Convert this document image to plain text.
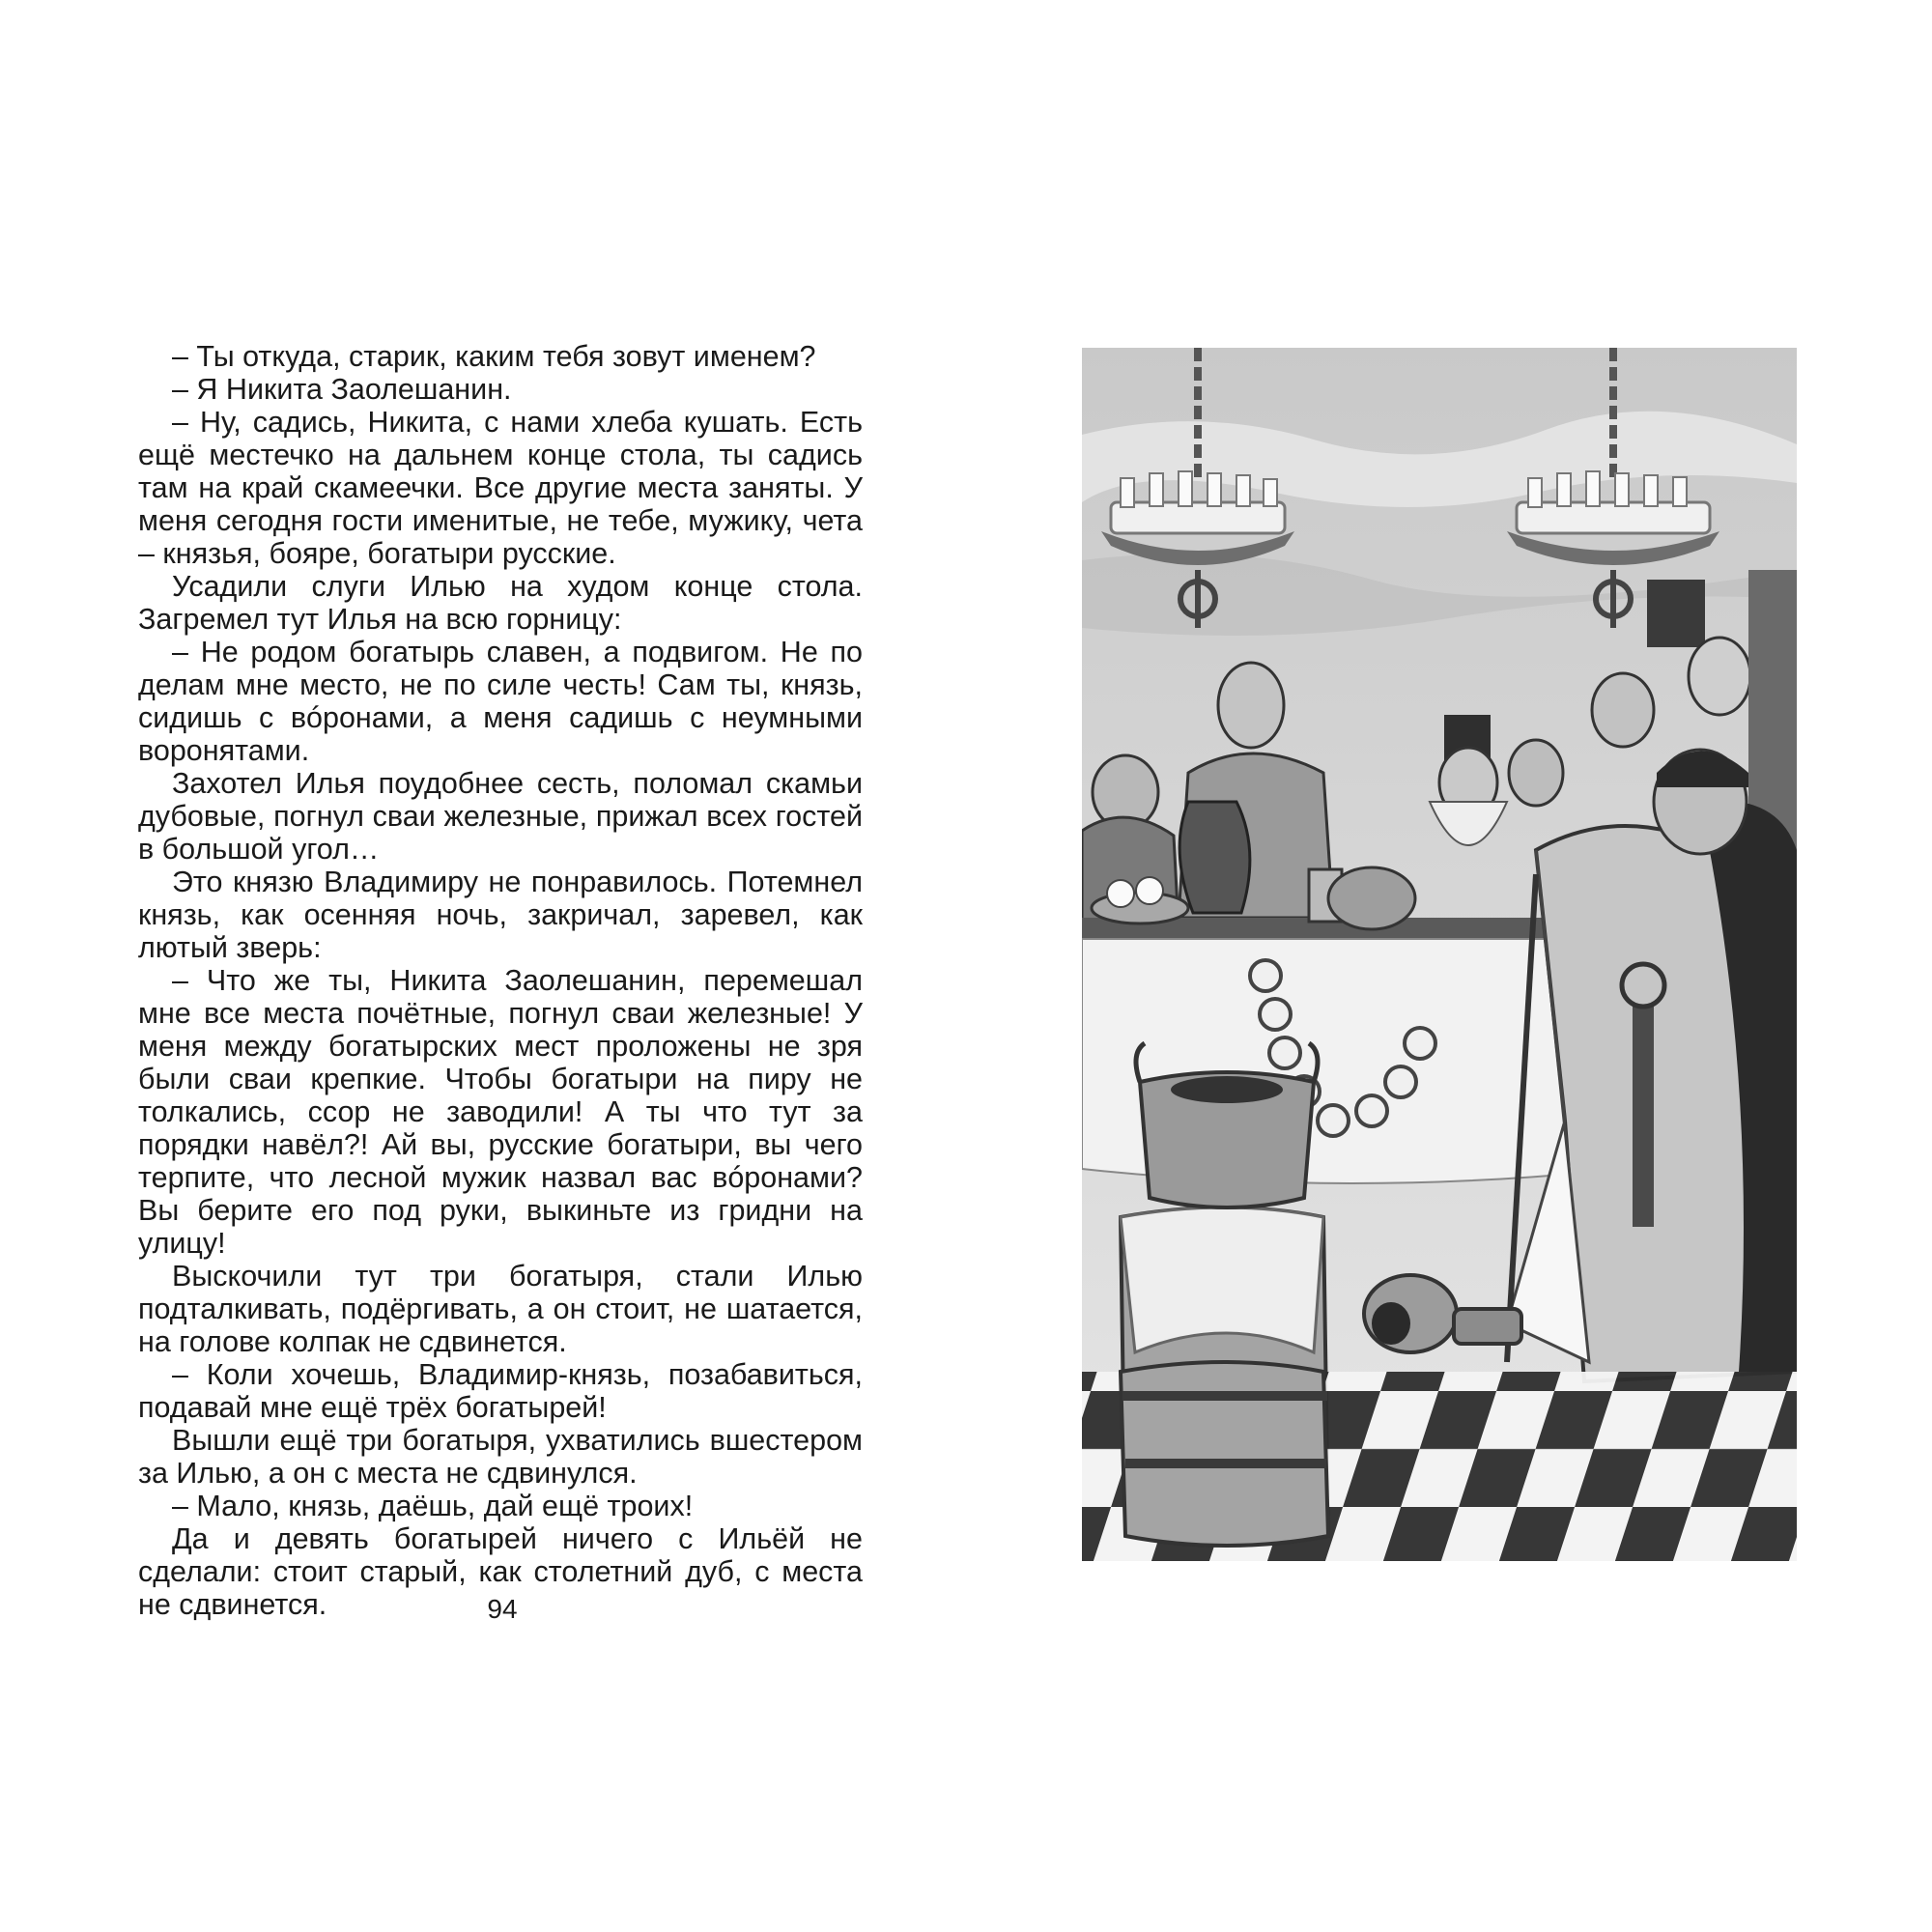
– Ты откуда, старик, каким тебя зовут именем?

– Я Никита Заолешанин.

– Ну, садись, Никита, с нами хлеба кушать. Есть ещё местечко на дальнем конце стола, ты садись там на край скамеечки. Все другие места заняты. У меня сегодня гости именитые, не тебе, мужику, чета – князья, бояре, богатыри русские.

Усадили слуги Илью на худом конце стола. Загремел тут Илья на всю горницу:

– Не родом богатырь славен, а подвигом. Не по делам мне место, не по силе честь! Сам ты, князь, сидишь с вóронами, а меня садишь с неумными воронятами.

Захотел Илья поудобнее сесть, поломал скамьи дубовые, погнул сваи железные, прижал всех гостей в большой угол…

Это князю Владимиру не понравилось. Потемнел князь, как осенняя ночь, закричал, заревел, как лютый зверь:

– Что же ты, Никита Заолешанин, перемешал мне все места почётные, погнул сваи железные! У меня между богатырских мест проложены не зря были сваи крепкие. Чтобы богатыри на пиру не толкались, ссор не заводили! А ты что тут за порядки навёл?! Ай вы, русские богатыри, вы чего терпите, что лесной мужик назвал вас вóронами? Вы берите его под руки, выкиньте из гридни на улицу!

Выскочили тут три богатыря, стали Илью подталкивать, подёргивать, а он стоит, не шатается, на голове колпак не сдвинется.

– Коли хочешь, Владимир-князь, позабавиться, подавай мне ещё трёх богатырей!

Вышли ещё три богатыря, ухватились вшестером за Илью, а он с места не сдвинулся.

– Мало, князь, даёшь, дай ещё троих!

Да и девять богатырей ничего с Ильёй не сделали: стоит старый, как столетний дуб, с места не сдвинется.	94
